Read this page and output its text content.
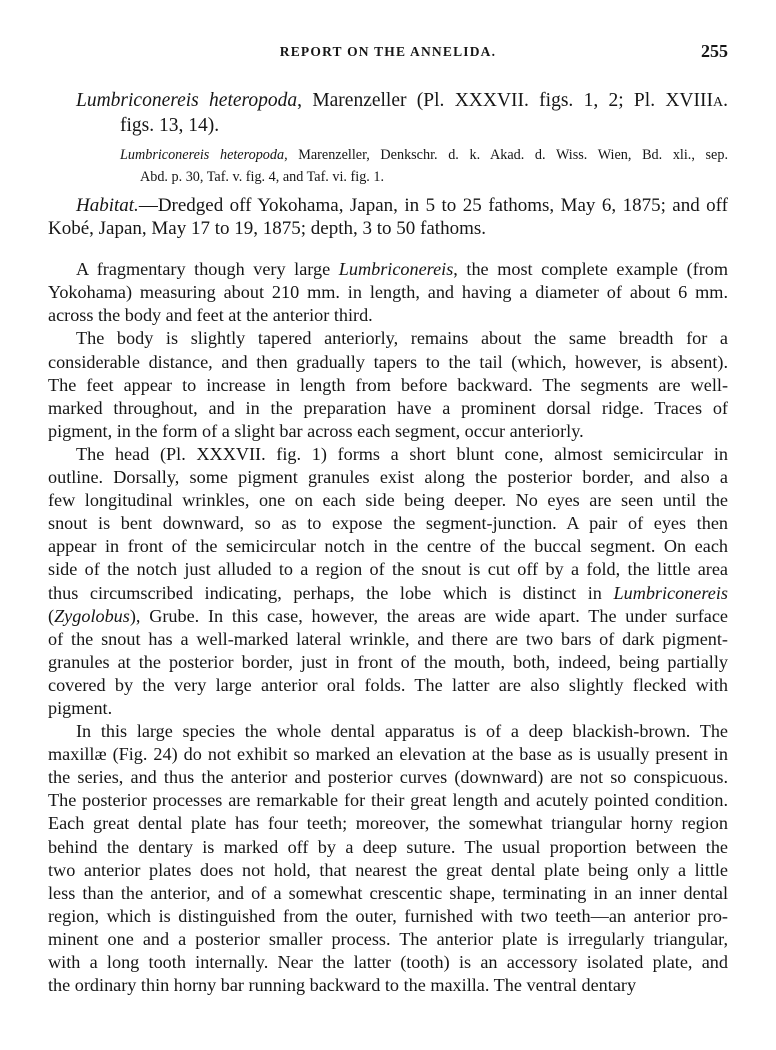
REPORT ON THE ANNELIDA.	255
Lumbriconereis heteropoda, Marenzeller (Pl. XXXVII. figs. 1, 2; Pl. XVIIIA.
figs. 13, 14).
Lumbriconereis heteropoda, Marenzeller, Denkschr. d. k. Akad. d. Wiss. Wien, Bd. xli., sep.
Abd. p. 30, Taf. v. fig. 4, and Taf. vi. fig. 1.
Habitat.—Dredged off Yokohama, Japan, in 5 to 25 fathoms, May 6, 1875; and off
Kobé, Japan, May 17 to 19, 1875; depth, 3 to 50 fathoms.
A fragmentary though very large Lumbriconereis, the most complete example (from
Yokohama) measuring about 210 mm. in length, and having a diameter of about 6 mm.
across the body and feet at the anterior third.
The body is slightly tapered anteriorly, remains about the same breadth for a
considerable distance, and then gradually tapers to the tail (which, however, is absent).
The feet appear to increase in length from before backward. The segments are well-
marked throughout, and in the preparation have a prominent dorsal ridge. Traces of
pigment, in the form of a slight bar across each segment, occur anteriorly.
The head (Pl. XXXVII. fig. 1) forms a short blunt cone, almost semicircular in
outline. Dorsally, some pigment granules exist along the posterior border, and also a
few longitudinal wrinkles, one on each side being deeper. No eyes are seen until the
snout is bent downward, so as to expose the segment-junction. A pair of eyes then
appear in front of the semicircular notch in the centre of the buccal segment. On each
side of the notch just alluded to a region of the snout is cut off by a fold, the little area
thus circumscribed indicating, perhaps, the lobe which is distinct in Lumbriconereis
(Zygolobus), Grube. In this case, however, the areas are wide apart. The under surface
of the snout has a well-marked lateral wrinkle, and there are two bars of dark pigment-
granules at the posterior border, just in front of the mouth, both, indeed, being partially
covered by the very large anterior oral folds. The latter are also slightly flecked with
pigment.
In this large species the whole dental apparatus is of a deep blackish-brown. The
maxillæ (Fig. 24) do not exhibit so marked an elevation at the base as is usually present in
the series, and thus the anterior and posterior curves (downward) are not so conspicuous.
The posterior processes are remarkable for their great length and acutely pointed condition.
Each great dental plate has four teeth; moreover, the somewhat triangular horny region
behind the dentary is marked off by a deep suture. The usual proportion between the
two anterior plates does not hold, that nearest the great dental plate being only a little
less than the anterior, and of a somewhat crescentic shape, terminating in an inner dental
region, which is distinguished from the outer, furnished with two teeth—an anterior pro-
minent one and a posterior smaller process. The anterior plate is irregularly triangular,
with a long tooth internally. Near the latter (tooth) is an accessory isolated plate, and
the ordinary thin horny bar running backward to the maxilla. The ventral dentary
